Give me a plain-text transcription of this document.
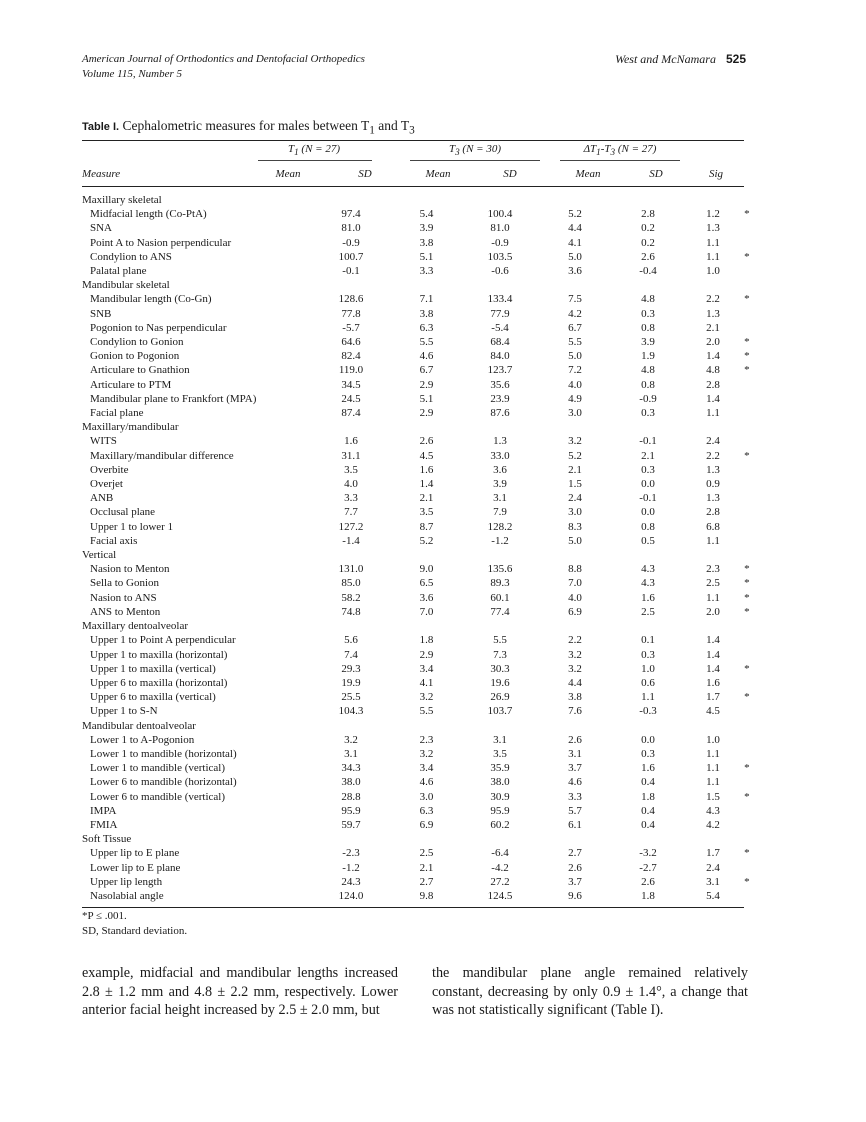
American Journal of Orthodontics and Dentofacial Orthopedics
Volume 115, Number 5
West and McNamara 525
Table I. Cephalometric measures for males between $T_1$ and $T_3$
$T_1$ (N = 27)	$T_3$ (N = 30)	$\Delta T_1-T_3$ (N = 27)
Measure	Mean	SD	Mean	SD	Mean	SD	Sig
Maxillary skeletal							
Midfacial length (Co-PtA)	97.4	5.4	100.4	5.2	2.8	1.2	*
SNA	81.0	3.9	81.0	4.4	0.2	1.3	
Point A to Nasion perpendicular	-0.9	3.8	-0.9	4.1	0.2	1.1	
Condylion to ANS	100.7	5.1	103.5	5.0	2.6	1.1	*
Palatal plane	-0.1	3.3	-0.6	3.6	-0.4	1.0	
Mandibular skeletal							
Mandibular length (Co-Gn)	128.6	7.1	133.4	7.5	4.8	2.2	*
SNB	77.8	3.8	77.9	4.2	0.3	1.3	
Pogonion to Nas perpendicular	-5.7	6.3	-5.4	6.7	0.8	2.1	
Condylion to Gonion	64.6	5.5	68.4	5.5	3.9	2.0	*
Gonion to Pogonion	82.4	4.6	84.0	5.0	1.9	1.4	*
Articulare to Gnathion	119.0	6.7	123.7	7.2	4.8	4.8	*
Articulare to PTM	34.5	2.9	35.6	4.0	0.8	2.8	
Mandibular plane to Frankfort (MPA)	24.5	5.1	23.9	4.9	-0.9	1.4	
Facial plane	87.4	2.9	87.6	3.0	0.3	1.1	
Maxillary/mandibular							
WITS	1.6	2.6	1.3	3.2	-0.1	2.4	
Maxillary/mandibular difference	31.1	4.5	33.0	5.2	2.1	2.2	*
Overbite	3.5	1.6	3.6	2.1	0.3	1.3	
Overjet	4.0	1.4	3.9	1.5	0.0	0.9	
ANB	3.3	2.1	3.1	2.4	-0.1	1.3	
Occlusal plane	7.7	3.5	7.9	3.0	0.0	2.8	
Upper 1 to lower 1	127.2	8.7	128.2	8.3	0.8	6.8	
Facial axis	-1.4	5.2	-1.2	5.0	0.5	1.1	
Vertical							
Nasion to Menton	131.0	9.0	135.6	8.8	4.3	2.3	*
Sella to Gonion	85.0	6.5	89.3	7.0	4.3	2.5	*
Nasion to ANS	58.2	3.6	60.1	4.0	1.6	1.1	*
ANS to Menton	74.8	7.0	77.4	6.9	2.5	2.0	*
Maxillary dentoalveolar							
Upper 1 to Point A perpendicular	5.6	1.8	5.5	2.2	0.1	1.4	
Upper 1 to maxilla (horizontal)	7.4	2.9	7.3	3.2	0.3	1.4	
Upper 1 to maxilla (vertical)	29.3	3.4	30.3	3.2	1.0	1.4	*
Upper 6 to maxilla (horizontal)	19.9	4.1	19.6	4.4	0.6	1.6	
Upper 6 to maxilla (vertical)	25.5	3.2	26.9	3.8	1.1	1.7	*
Upper 1 to S-N	104.3	5.5	103.7	7.6	-0.3	4.5	
Mandibular dentoalveolar							
Lower 1 to A-Pogonion	3.2	2.3	3.1	2.6	0.0	1.0	
Lower 1 to mandible (horizontal)	3.1	3.2	3.5	3.1	0.3	1.1	
Lower 1 to mandible (vertical)	34.3	3.4	35.9	3.7	1.6	1.1	*
Lower 6 to mandible (horizontal)	38.0	4.6	38.0	4.6	0.4	1.1	
Lower 6 to mandible (vertical)	28.8	3.0	30.9	3.3	1.8	1.5	*
IMPA	95.9	6.3	95.9	5.7	0.4	4.3	
FMIA	59.7	6.9	60.2	6.1	0.4	4.2	
Soft Tissue							
Upper lip to E plane	-2.3	2.5	-6.4	2.7	-3.2	1.7	*
Lower lip to E plane	-1.2	2.1	-4.2	2.6	-2.7	2.4	
Upper lip length	24.3	2.7	27.2	3.7	2.6	3.1	*
Nasolabial angle	124.0	9.8	124.5	9.6	1.8	5.4	
*P ≤ .001.
SD, Standard deviation.
example, midfacial and mandibular lengths increased 2.8 ± 1.2 mm and 4.8 ± 2.2 mm, respectively. Lower anterior facial height increased by 2.5 ± 2.0 mm, but
the mandibular plane angle remained relatively constant, decreasing by only 0.9 ± 1.4°, a change that was not statistically significant (Table I).
